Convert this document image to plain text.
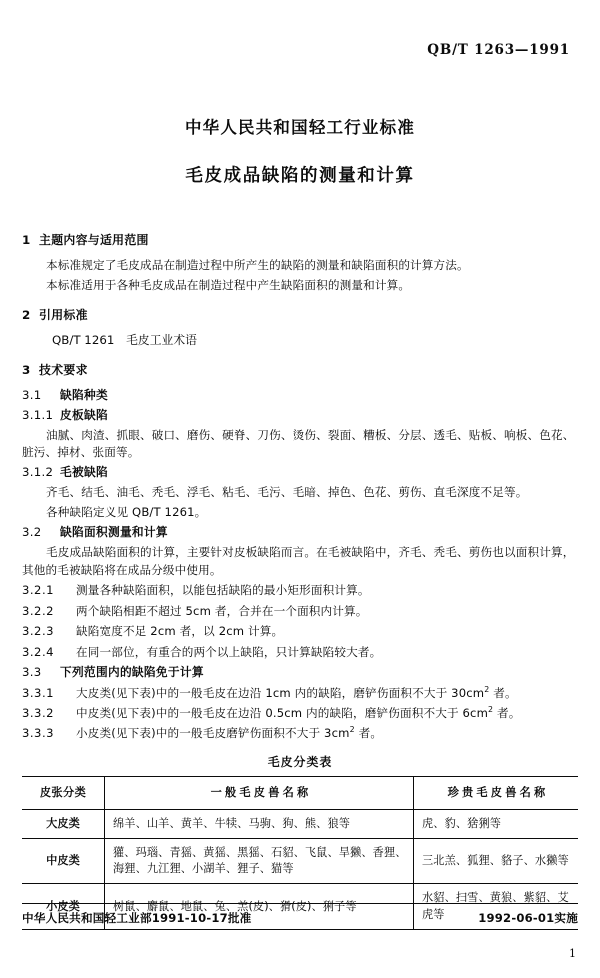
中华人民共和国轻工行业标准
QB/T 1263—1991
毛皮成品缺陷的测量和计算
1 主题内容与适用范围

本标准规定了毛皮成品在制造过程中所产生的缺陷的测量和缺陷面积的计算方法。

本标准适用于各种毛皮成品在制造过程中产生缺陷面积的测量和计算。

2 引用标准

QB/T 1261　毛皮工业术语

3 技术要求
3.1 缺陷种类
3.1.1 皮板缺陷

油腻、肉渣、抓眼、破口、磨伤、硬脊、刀伤、烫伤、裂面、糟板、分层、透毛、贴板、响板、色花、脏污、掉材、张面等。

3.1.2 毛被缺陷

齐毛、结毛、油毛、秃毛、浮毛、粘毛、毛污、毛暗、掉色、色花、剪伤、直毛深度不足等。

各种缺陷定义见 QB/T 1261。

3.2 缺陷面积测量和计算

毛皮成品缺陷面积的计算，主要针对皮板缺陷而言。在毛被缺陷中，齐毛、秃毛、剪伤也以面积计算，其他的毛被缺陷将在成品分级中使用。

3.2.1	测量各种缺陷面积，以能包括缺陷的最小矩形面积计算。
3.2.2	两个缺陷相距不超过 5cm 者，合并在一个面积内计算。
3.2.3	缺陷宽度不足 2cm 者，以 2cm 计算。
3.2.4	在同一部位，有重合的两个以上缺陷，只计算缺陷较大者。
3.3 下列范围内的缺陷免于计算
3.3.1	大皮类(见下表)中的一般毛皮在边沿 1cm 内的缺陷，磨铲伤面积不大于 $30cm^2$ 者。
3.3.2	中皮类(见下表)中的一般毛皮在边沿 0.5cm 内的缺陷，磨铲伤面积不大于 $6cm^2$ 者。
3.3.3	小皮类(见下表)中的一般毛皮磨铲伤面积不大于 $3cm^2$ 者。
毛皮分类表
皮张分类	一般毛皮兽名称	珍贵毛皮兽名称
大皮类	绵羊、山羊、黄羊、牛犊、马驹、狗、熊、狼等	虎、豹、猞猁等
中皮类	獾、玛瑙、青猺、黄猺、黑猺、石貂、飞鼠、旱獭、香狸、海狸、九江狸、小湖羊、狸子、猫等	三北羔、狐狸、貉子、水獭等
小皮类	树鼠、麝鼠、地鼠、兔、羔(皮)、猾(皮)、猁子等	水貂、扫雪、黄狼、紫貂、艾虎等
中华人民共和国轻工业部1991-10-17批准	1992-06-01实施
1
